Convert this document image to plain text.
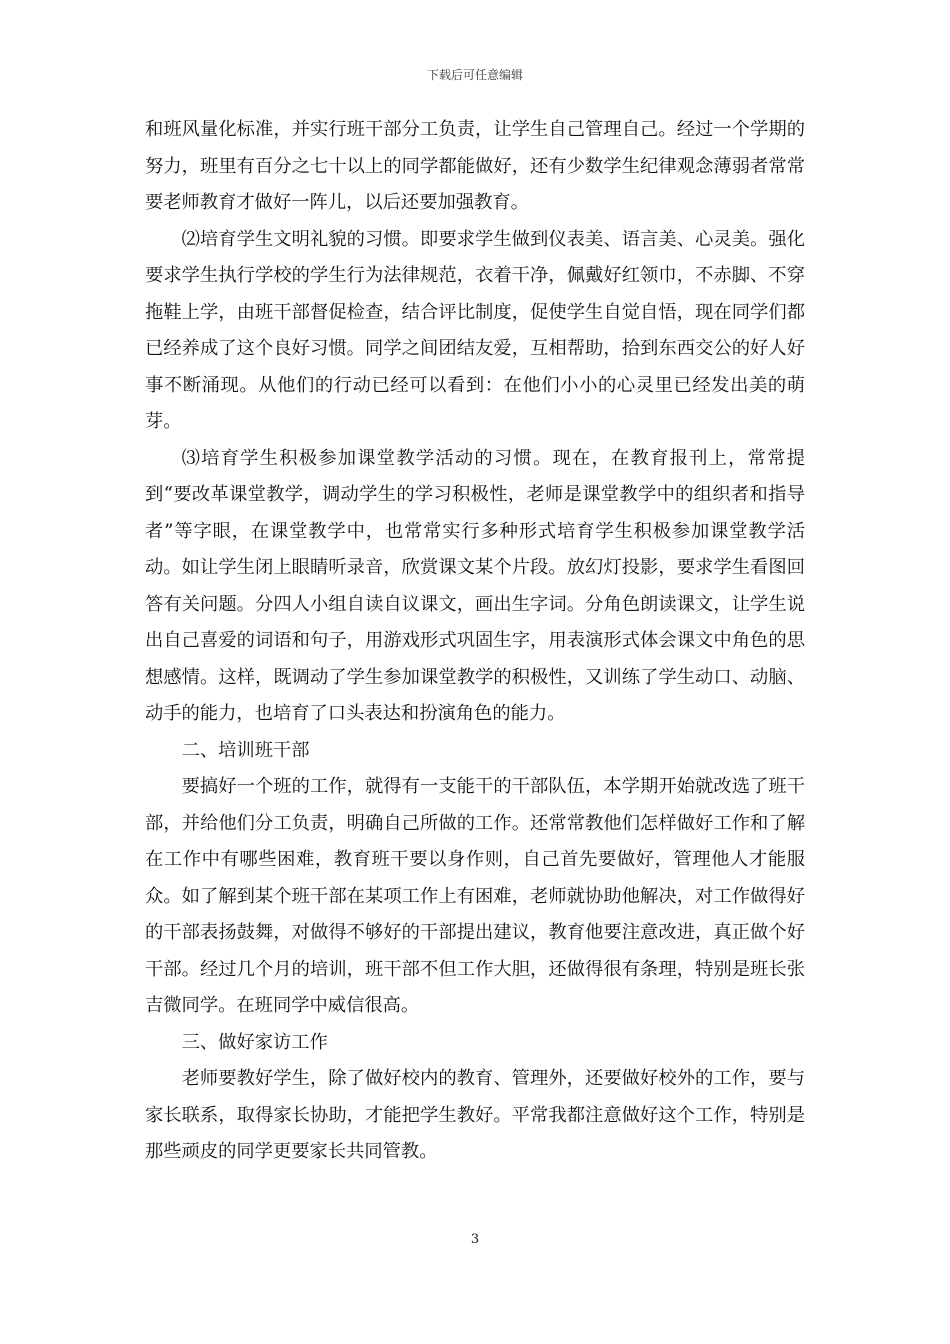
下载后可任意编辑

和班风量化标准，并实行班干部分工负责，让学生自己管理自己。经过一个学期的努力，班里有百分之七十以上的同学都能做好，还有少数学生纪律观念薄弱者常常要老师教育才做好一阵儿，以后还要加强教育。

⑵培育学生文明礼貌的习惯。即要求学生做到仪表美、语言美、心灵美。强化要求学生执行学校的学生行为法律规范，衣着干净，佩戴好红领巾，不赤脚、不穿拖鞋上学，由班干部督促检查，结合评比制度，促使学生自觉自悟，现在同学们都已经养成了这个良好习惯。同学之间团结友爱，互相帮助，拾到东西交公的好人好事不断涌现。从他们的行动已经可以看到：在他们小小的心灵里已经发出美的萌芽。

⑶培育学生积极参加课堂教学活动的习惯。现在，在教育报刊上，常常提到“要改革课堂教学，调动学生的学习积极性，老师是课堂教学中的组织者和指导者”等字眼，在课堂教学中，也常常实行多种形式培育学生积极参加课堂教学活动。如让学生闭上眼睛听录音，欣赏课文某个片段。放幻灯投影，要求学生看图回答有关问题。分四人小组自读自议课文，画出生字词。分角色朗读课文，让学生说出自己喜爱的词语和句子，用游戏形式巩固生字，用表演形式体会课文中角色的思想感情。这样，既调动了学生参加课堂教学的积极性，又训练了学生动口、动脑、动手的能力，也培育了口头表达和扮演角色的能力。

二、培训班干部

要搞好一个班的工作，就得有一支能干的干部队伍，本学期开始就改选了班干部，并给他们分工负责，明确自己所做的工作。还常常教他们怎样做好工作和了解在工作中有哪些困难，教育班干要以身作则，自己首先要做好，管理他人才能服众。如了解到某个班干部在某项工作上有困难，老师就协助他解决，对工作做得好的干部表扬鼓舞，对做得不够好的干部提出建议，教育他要注意改进，真正做个好干部。经过几个月的培训，班干部不但工作大胆，还做得很有条理，特别是班长张吉微同学。在班同学中威信很高。

三、做好家访工作

老师要教好学生，除了做好校内的教育、管理外，还要做好校外的工作，要与家长联系，取得家长协助，才能把学生教好。平常我都注意做好这个工作，特别是那些顽皮的同学更要家长共同管教。

3
